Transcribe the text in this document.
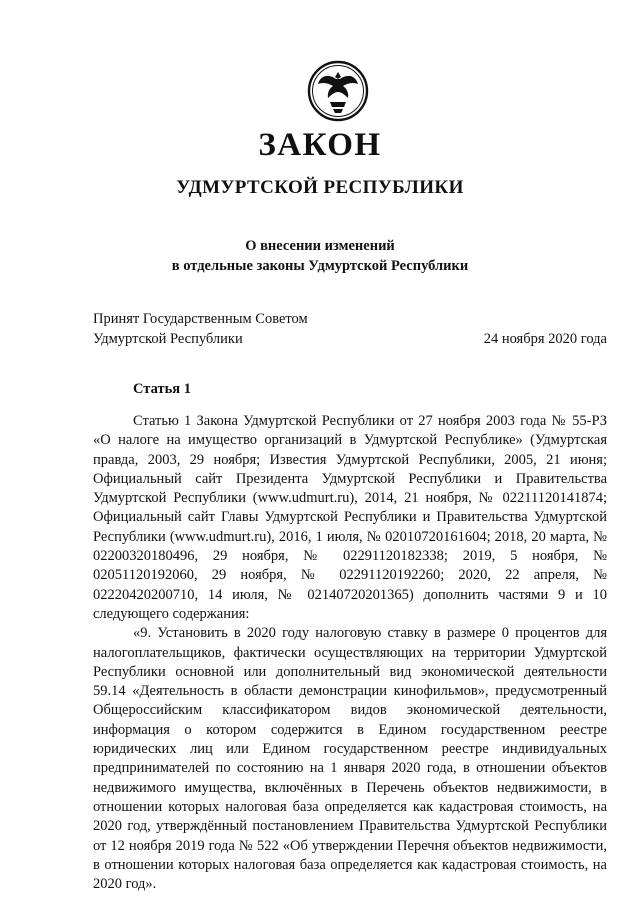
ЗАКОН
УДМУРТСКОЙ РЕСПУБЛИКИ
О внесении изменений
в отдельные законы Удмуртской Республики
Принят Государственным Советом
Удмуртской Республики	24 ноября 2020 года
Статья 1

Статью 1 Закона Удмуртской Республики от 27 ноября 2003 года № 55-РЗ «О налоге на имущество организаций в Удмуртской Республике» (Удмуртская правда, 2003, 29 ноября; Известия Удмуртской Республики, 2005, 21 июня; Официальный сайт Президента Удмуртской Республики и Правительства Удмуртской Республики (www.udmurt.ru), 2014, 21 ноября, № 02211120141874; Официальный сайт Главы Удмуртской Республики и Правительства Удмуртской Республики (www.udmurt.ru), 2016, 1 июля, № 02010720161604; 2018, 20 марта, № 02200320180496, 29 ноября, № 02291120182338; 2019, 5 ноября, № 02051120192060, 29 ноября, № 02291120192260; 2020, 22 апреля, № 02220420200710, 14 июля, № 02140720201365) дополнить частями 9 и 10 следующего содержания:

«9. Установить в 2020 году налоговую ставку в размере 0 процентов для налогоплательщиков, фактически осуществляющих на территории Удмуртской Республики основной или дополнительный вид экономической деятельности 59.14 «Деятельность в области демонстрации кинофильмов», предусмотренный Общероссийским классификатором видов экономической деятельности, информация о котором содержится в Едином государственном реестре юридических лиц или Едином государственном реестре индивидуальных предпринимателей по состоянию на 1 января 2020 года, в отношении объектов недвижимого имущества, включённых в Перечень объектов недвижимости, в отношении которых налоговая база определяется как кадастровая стоимость, на 2020 год, утверждённый постановлением Правительства Удмуртской Республики от 12 ноября 2019 года № 522 «Об утверждении Перечня объектов недвижимости, в отношении которых налоговая база определяется как кадастровая стоимость, на 2020 год».
